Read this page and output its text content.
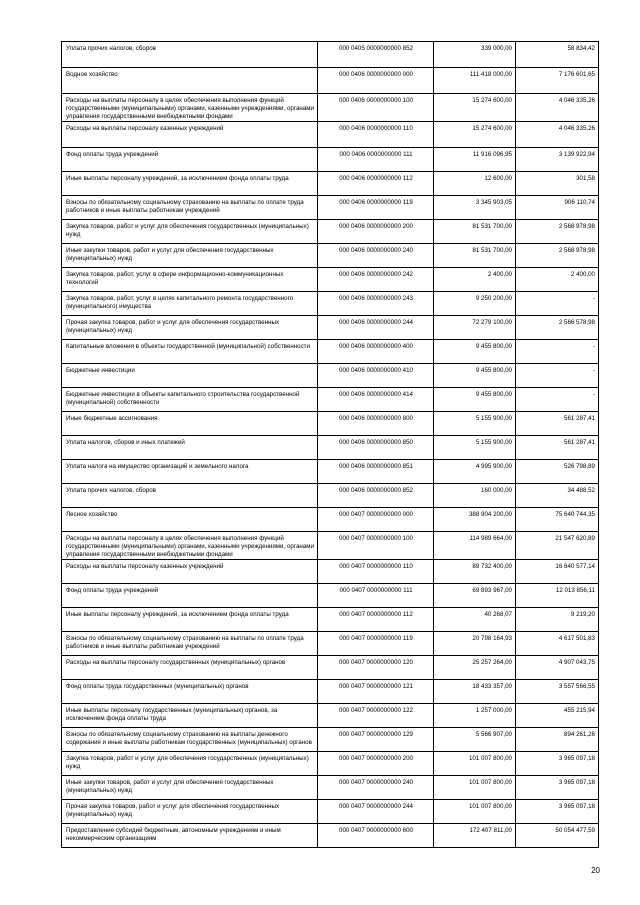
Уплата прочих налогов, сборов	000 0405 0000000000 852	339 000,00	58 834,42
Водное хозяйство	000 0406 0000000000 000	111 418 000,00	7 176 601,65
Расходы на выплаты персоналу в целях обеспечения выполнения функций государственными (муниципальными) органами, казенными учреждениями, органами управления государственными внебюджетными фондами	000 0406 0000000000 100	15 274 600,00	4 046 335,26
Расходы на выплаты персоналу казенных учреждений	000 0406 0000000000 110	15 274 600,00	4 046 335,26
Фонд оплаты труда учреждений	000 0406 0000000000 111	11 916 096,95	3 139 922,94
Иные выплаты персоналу учреждений, за исключением фонда оплаты труда	000 0406 0000000000 112	12 600,00	301,58
Взносы по обязательному социальному страхованию на выплаты по оплате труда работников и иные выплаты работникам учреждений	000 0406 0000000000 119	3 345 903,05	906 110,74
Закупка товаров, работ и услуг для обеспечения государственных (муниципальных) нужд	000 0406 0000000000 200	81 531 700,00	2 568 978,98
Иные закупки товаров, работ и услуг для обеспечения государственных (муниципальных) нужд	000 0406 0000000000 240	81 531 700,00	2 568 978,98
Закупка товаров, работ, услуг в сфере информационно-коммуникационных технологий	000 0406 0000000000 242	2 400,00	2 400,00
Закупка товаров, работ, услуг в целях капитального ремонта государственного (муниципального) имущества	000 0406 0000000000 243	9 250 200,00	-
Прочая закупка товаров, работ и услуг для обеспечения государственных (муниципальных) нужд	000 0406 0000000000 244	72 279 100,00	2 566 578,98
Капитальные вложения в объекты государственной (муниципальной) собственности	000 0406 0000000000 400	9 455 800,00	-
Бюджетные инвестиции	000 0406 0000000000 410	9 455 800,00	-
Бюджетные инвестиции в объекты капитального строительства государственной (муниципальной) собственности	000 0406 0000000000 414	9 455 800,00	-
Иные бюджетные ассигнования	000 0406 0000000000 800	5 155 900,00	561 287,41
Уплата налогов, сборов и иных платежей	000 0406 0000000000 850	5 155 900,00	561 287,41
Уплата налога на имущество организаций и земельного налога	000 0406 0000000000 851	4 995 900,00	526 798,89
Уплата прочих налогов, сборов	000 0406 0000000000 852	160 000,00	34 488,52
Лесное хозяйство	000 0407 0000000000 000	388 904 200,00	75 640 744,35
Расходы на выплаты персоналу в целях обеспечения выполнения функций государственными (муниципальными) органами, казенными учреждениями, органами управления государственными внебюджетными фондами	000 0407 0000000000 100	114 989 664,00	21 547 620,89
Расходы на выплаты персоналу казенных учреждений	000 0407 0000000000 110	89 732 400,00	16 640 577,14
Фонд оплаты труда учреждений	000 0407 0000000000 111	69 893 967,00	12 013 856,11
Иные выплаты персоналу учреждений, за исключением фонда оплаты труда	000 0407 0000000000 112	40 268,07	9 219,20
Взносы по обязательному социальному страхованию на выплаты по оплате труда работников и иные выплаты работникам учреждений	000 0407 0000000000 119	20 798 164,93	4 617 501,83
Расходы на выплаты персоналу государственных (муниципальных) органов	000 0407 0000000000 120	25 257 264,00	4 907 043,75
Фонд оплаты труда государственных (муниципальных) органов	000 0407 0000000000 121	18 433 357,00	3 557 566,55
Иные выплаты персоналу государственных (муниципальных) органов, за исключением фонда оплаты труда	000 0407 0000000000 122	1 257 000,00	455 215,94
Взносы по обязательному социальному страхованию на выплаты денежного содержания и иные выплаты работникам государственных (муниципальных) органов	000 0407 0000000000 129	5 566 907,00	894 261,26
Закупка товаров, работ и услуг для обеспечения государственных (муниципальных) нужд	000 0407 0000000000 200	101 007 800,00	3 965 097,18
Иные закупки товаров, работ и услуг для обеспечения государственных (муниципальных) нужд	000 0407 0000000000 240	101 007 800,00	3 965 097,18
Прочая закупка товаров, работ и услуг для обеспечения государственных (муниципальных) нужд	000 0407 0000000000 244	101 007 800,00	3 965 097,18
Предоставление субсидий бюджетным, автономным учреждениям и иным некоммерческим организациям	000 0407 0000000000 600	172 407 811,00	50 054 477,59
20
